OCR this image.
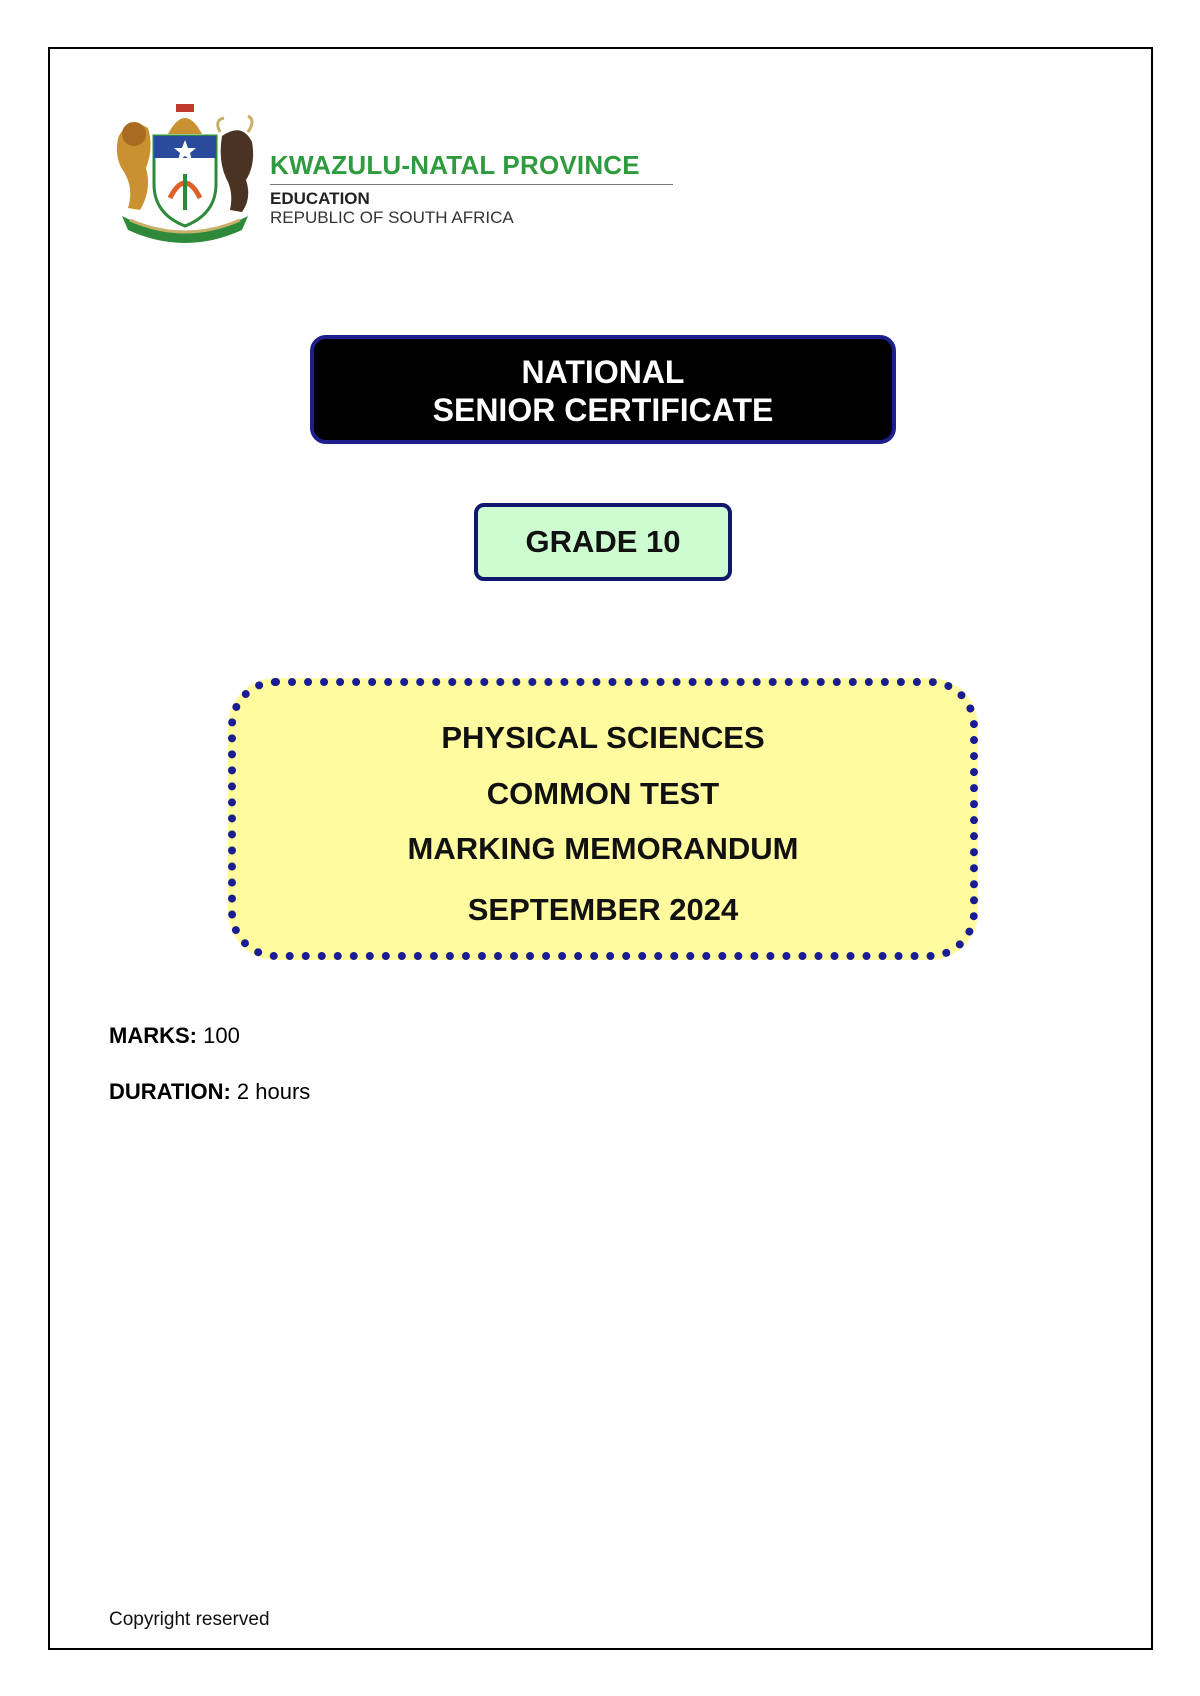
KWAZULU-NATAL PROVINCE
EDUCATION
REPUBLIC OF SOUTH AFRICA
NATIONAL
SENIOR CERTIFICATE
GRADE 10
PHYSICAL SCIENCES
COMMON TEST
MARKING MEMORANDUM
SEPTEMBER 2024
MARKS: 100
DURATION: 2 hours
Copyright reserved
